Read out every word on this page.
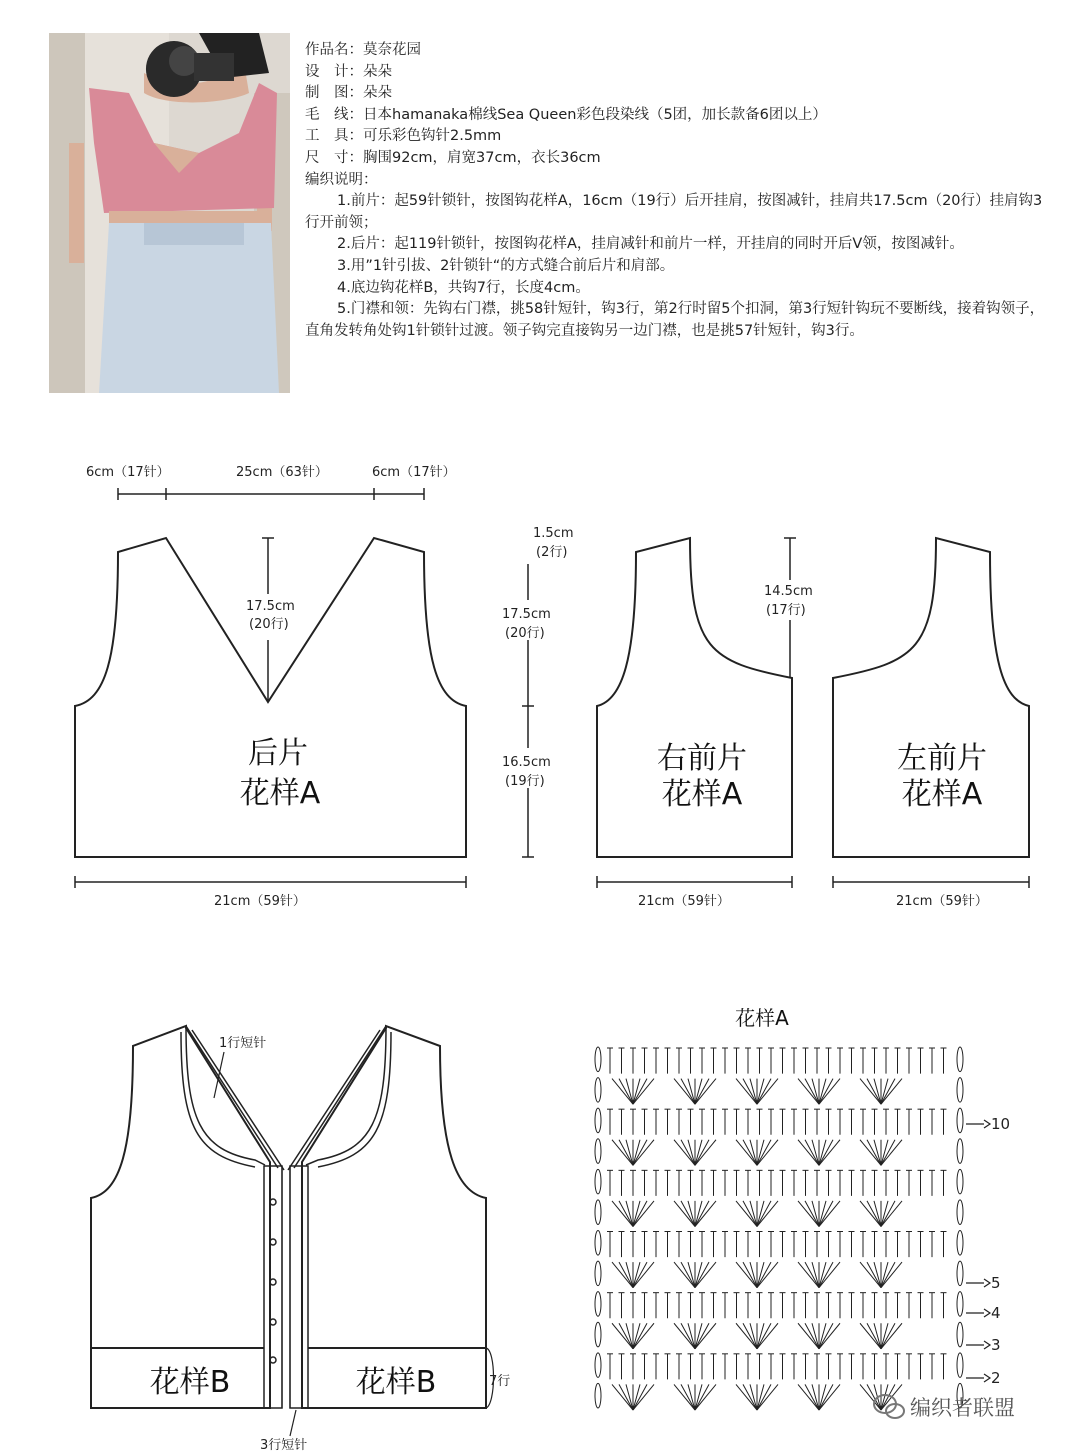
作品名：莫奈花园
设　计：朵朵
制　图：朵朵
毛　线：日本hamanaka棉线Sea Queen彩色段染线（5团，加长款备6团以上）
工　具：可乐彩色钩针2.5mm
尺　寸：胸围92cm，肩宽37cm，衣长36cm
编织说明：
1.前片：起59针锁针，按图钩花样A，16cm（19行）后开挂肩，按图减针，挂肩共17.5cm（20行）挂肩钩3行开前领；
2.后片：起119针锁针，按图钩花样A，挂肩减针和前片一样，开挂肩的同时开后V领，按图减针。
3.用”1针引拔、2针锁针“的方式缝合前后片和肩部。
4.底边钩花样B，共钩7行，长度4cm。
5.门襟和领：先钩右门襟，挑58针短针，钩3行，第2行时留5个扣洞，第3行短针钩玩不要断线，接着钩领子，直角发转角处钩1针锁针过渡。领子钩完直接钩另一边门襟，也是挑57针短针，钩3行。
6cm（17针）	25cm（63针）	6cm（17针）
17.5cm
(20行)
后片
花样A
21cm（59针）
1.5cm
(2行)
17.5cm
(20行)
16.5cm
(19行)
14.5cm
(17行)
右前片
花样A
21cm（59针）
左前片
花样A
21cm（59针）
1行短针
花样B	花样B	7行
3行短针
花样A
10
5
4
3
2
编织者联盟
